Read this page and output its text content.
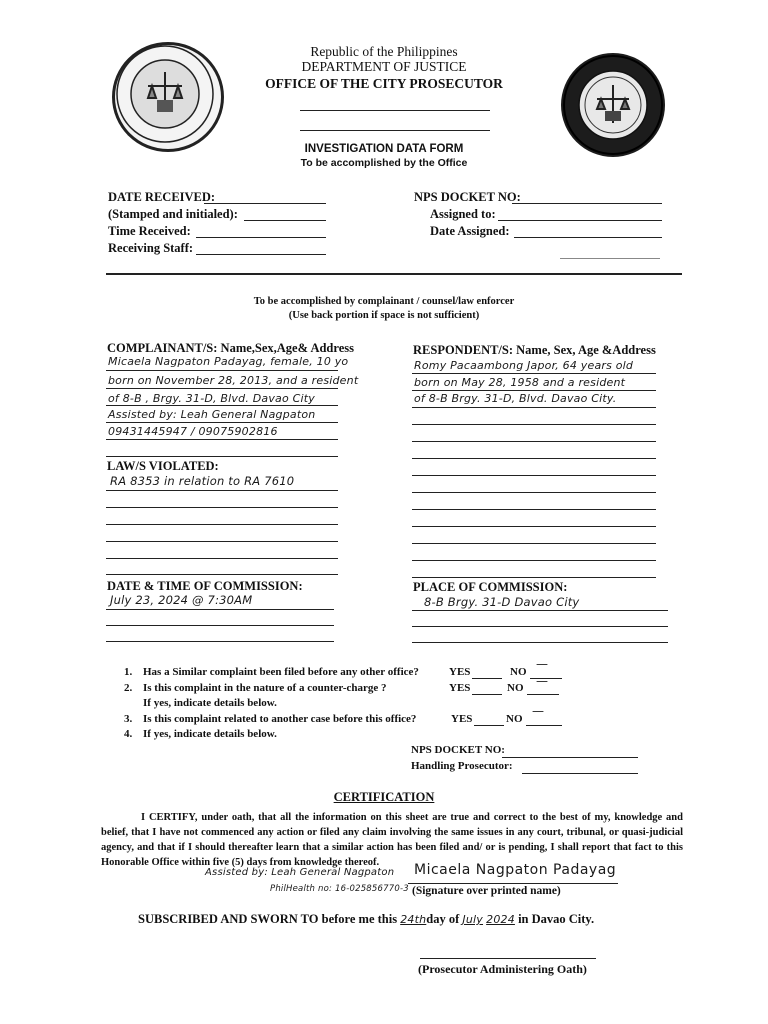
Republic of the Philippines
DEPARTMENT OF JUSTICE
OFFICE OF THE CITY PROSECUTOR
INVESTIGATION DATA FORM
To be accomplished by the Office
DATE RECEIVED:
(Stamped and initialed):
Time Received:
Receiving Staff:
NPS DOCKET NO:
Assigned to:
Date Assigned:
To be accomplished by complainant / counsel/law enforcer
(Use back portion if space is not sufficient)
COMPLAINANT/S: Name,Sex,Age& Address
Micaela Nagpaton Padayag, female, 10 yo
born on November 28, 2013, and a resident
of 8-B , Brgy. 31-D, Blvd. Davao City
Assisted by: Leah General Nagpaton
09431445947 / 09075902816
RESPONDENT/S: Name, Sex, Age &Address
Romy Pacaambong Japor, 64 years old
born on May 28, 1958 and a resident
of 8-B Brgy. 31-D, Blvd. Davao City.
LAW/S VIOLATED:
RA 8353 in relation to RA 7610
DATE & TIME OF COMMISSION:
July 23, 2024 @ 7:30AM
PLACE OF COMMISSION:
8-B Brgy. 31-D Davao City
1. Has a Similar complaint been filed before any other office?	YES	NO
—
2. Is this complaint in the nature of a counter-charge ?	YES	NO —
If yes, indicate details below.
3. Is this complaint related to another case before this office?	YES	NO
—
4. If yes, indicate details below.
NPS DOCKET NO:
Handling Prosecutor:
CERTIFICATION
I CERTIFY, under oath, that all the information on this sheet are true and correct to the best of my, knowledge and belief, that I have not commenced any action or filed any claim involving the same issues in any court, tribunal, or quasi-judicial agency, and that if I should thereafter learn that a similar action has been filed and/ or is pending, I shall report that fact to this Honorable Office within five (5) days from knowledge thereof.
Assisted by: Leah General Nagpaton
PhilHealth no: 16-025856770-3
Micaela Nagpaton Padayag
(Signature over printed name)
SUBSCRIBED AND SWORN TO before me this 24thday of July 2024 in Davao City.
(Prosecutor Administering Oath)
